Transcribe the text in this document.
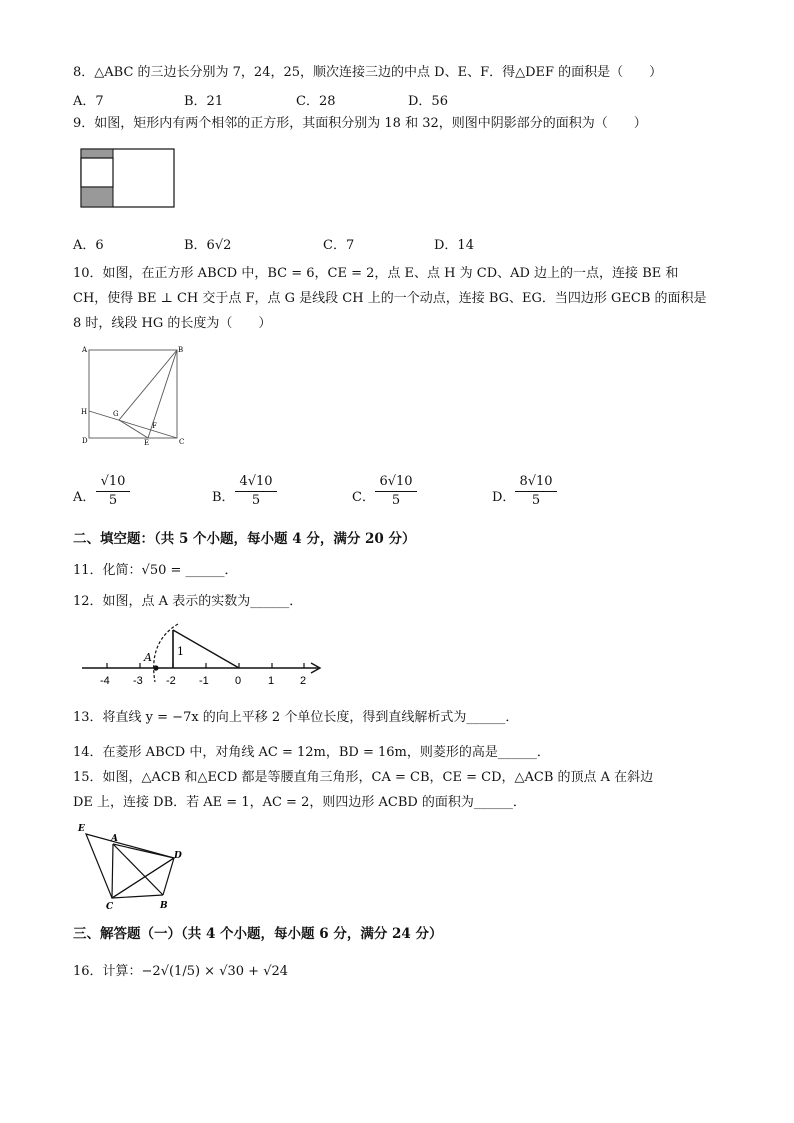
8．△ABC 的三边长分别为 7，24，25，顺次连接三边的中点 D、E、F．得△DEF 的面积是（　　）
A．7	B．21	C．28	D．56
9．如图，矩形内有两个相邻的正方形，其面积分别为 18 和 32，则图中阴影部分的面积为（　　）
A．6	B．6√2	C．7	D．14
10．如图，在正方形 ABCD 中，BC = 6，CE = 2，点 E、点 H 为 CD、AD 边上的一点，连接 BE 和
CH，使得 BE ⊥ CH 交于点 F，点 G 是线段 CH 上的一个动点，连接 BG、EG．当四边形 GECB 的面积是
8 时，线段 HG 的长度为（　　）
A	B
H	G
F
D	E	C
A．
√10
5	B．
4√10
5	C．
6√10
5	D．
8√10
5
二、填空题：（共 5 个小题，每小题 4 分，满分 20 分）
11．化简：√50 = ______．
12．如图，点 A 表示的实数为______．
A 1
-4 -3 -2 -1 0 1 2
13．将直线 y = −7x 的向上平移 2 个单位长度，得到直线解析式为______．
14．在菱形 ABCD 中，对角线 AC = 12m，BD = 16m，则菱形的高是______．
15．如图，△ACB 和△ECD 都是等腰直角三角形，CA = CB，CE = CD，△ACB 的顶点 A 在斜边
DE 上，连接 DB．若 AE = 1，AC = 2，则四边形 ACBD 的面积为______．
E
A
D
C	B
三、解答题（一）（共 4 个小题，每小题 6 分，满分 24 分）
16．计算：−2√(1/5) × √30 + √24
